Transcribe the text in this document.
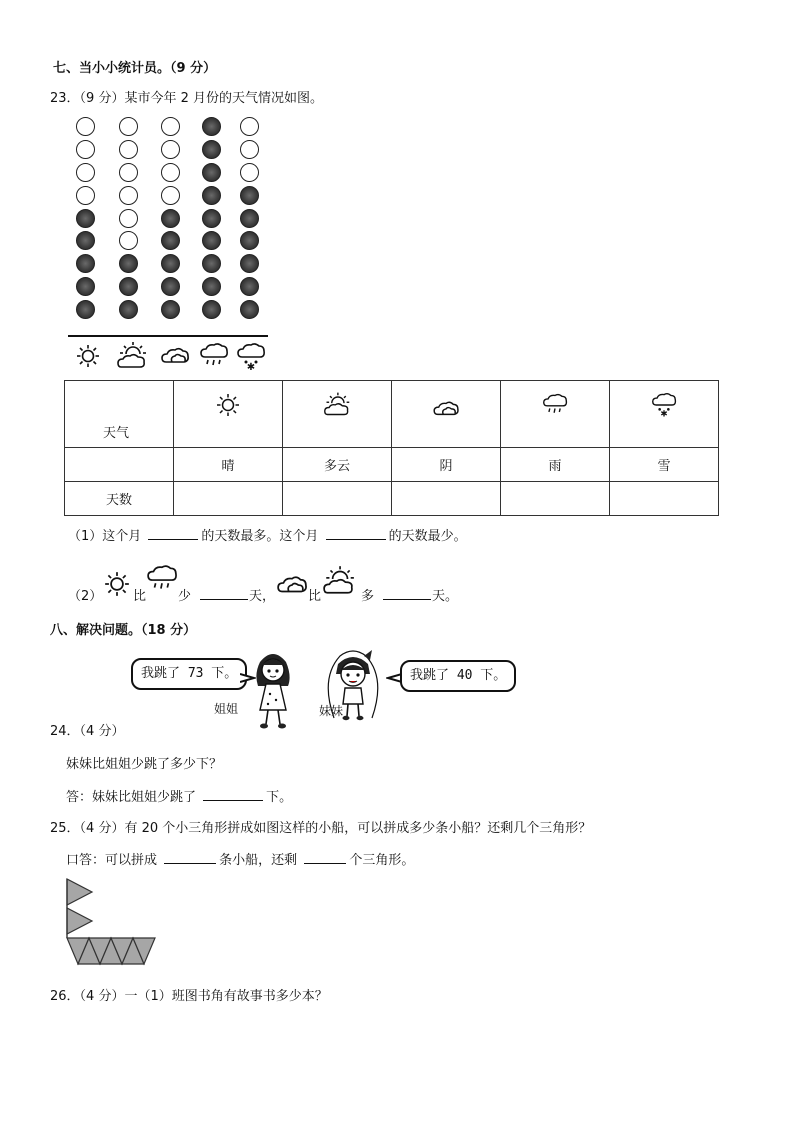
七、当小小统计员。（9 分）
23．（9 分）某市今年 2 月份的天气情况如图。
✱
天气					✱

	晴	多云	阴	雨	雪
天数					
（1）这个月	的天数最多。这个月	的天数最少。
（2） 比 少	天，	比	多	天。
八、解决问题。（18 分）
我跳了 73 下。	我跳了 40 下。
姐姐	妹妹
24．（4 分）
妹妹比姐姐少跳了多少下？
答：妹妹比姐姐少跳了	下。
25．（4 分）有 20 个小三角形拼成如图这样的小船，可以拼成多少条小船？还剩几个三角形？
口答：可以拼成	条小船，还剩	个三角形。
26．（4 分）一（1）班图书角有故事书多少本？
